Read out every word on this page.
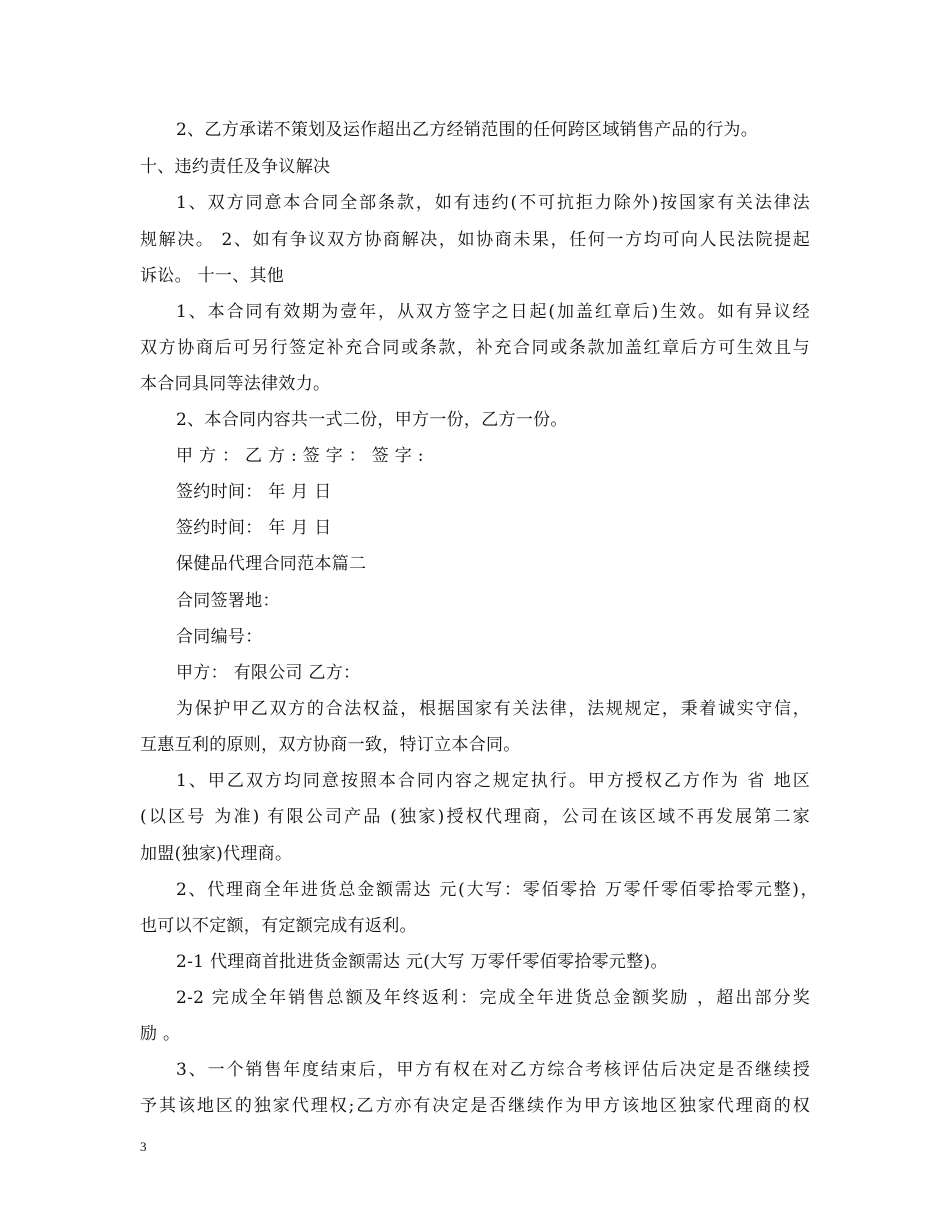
2、乙方承诺不策划及运作超出乙方经销范围的任何跨区域销售产品的行为。
十、违约责任及争议解决
1、双方同意本合同全部条款，如有违约(不可抗拒力除外)按国家有关法律法
规解决。 2、如有争议双方协商解决，如协商未果，任何一方均可向人民法院提起
诉讼。 十一、其他
1、本合同有效期为壹年，从双方签字之日起(加盖红章后)生效。如有异议经
双方协商后可另行签定补充合同或条款，补充合同或条款加盖红章后方可生效且与
本合同具同等法律效力。
2、本合同内容共一式二份，甲方一份，乙方一份。
甲 方 ： 乙 方 : 签 字 ： 签 字 :
签约时间： 年 月 日
签约时间： 年 月 日
保健品代理合同范本篇二
合同签署地：
合同编号：
甲方： 有限公司 乙方：
为保护甲乙双方的合法权益，根据国家有关法律，法规规定，秉着诚实守信，
互惠互利的原则，双方协商一致，特订立本合同。
1、甲乙双方均同意按照本合同内容之规定执行。甲方授权乙方作为 省 地区
(以区号 为准) 有限公司产品 (独家)授权代理商，公司在该区域不再发展第二家
加盟(独家)代理商。
2、代理商全年进货总金额需达 元(大写：零佰零拾 万零仟零佰零拾零元整)，
也可以不定额，有定额完成有返利。
2-1 代理商首批进货金额需达 元(大写 万零仟零佰零拾零元整)。
2-2 完成全年销售总额及年终返利：完成全年进货总金额奖励 ，超出部分奖
励 。
3、一个销售年度结束后，甲方有权在对乙方综合考核评估后决定是否继续授
予其该地区的独家代理权;乙方亦有决定是否继续作为甲方该地区独家代理商的权
3
